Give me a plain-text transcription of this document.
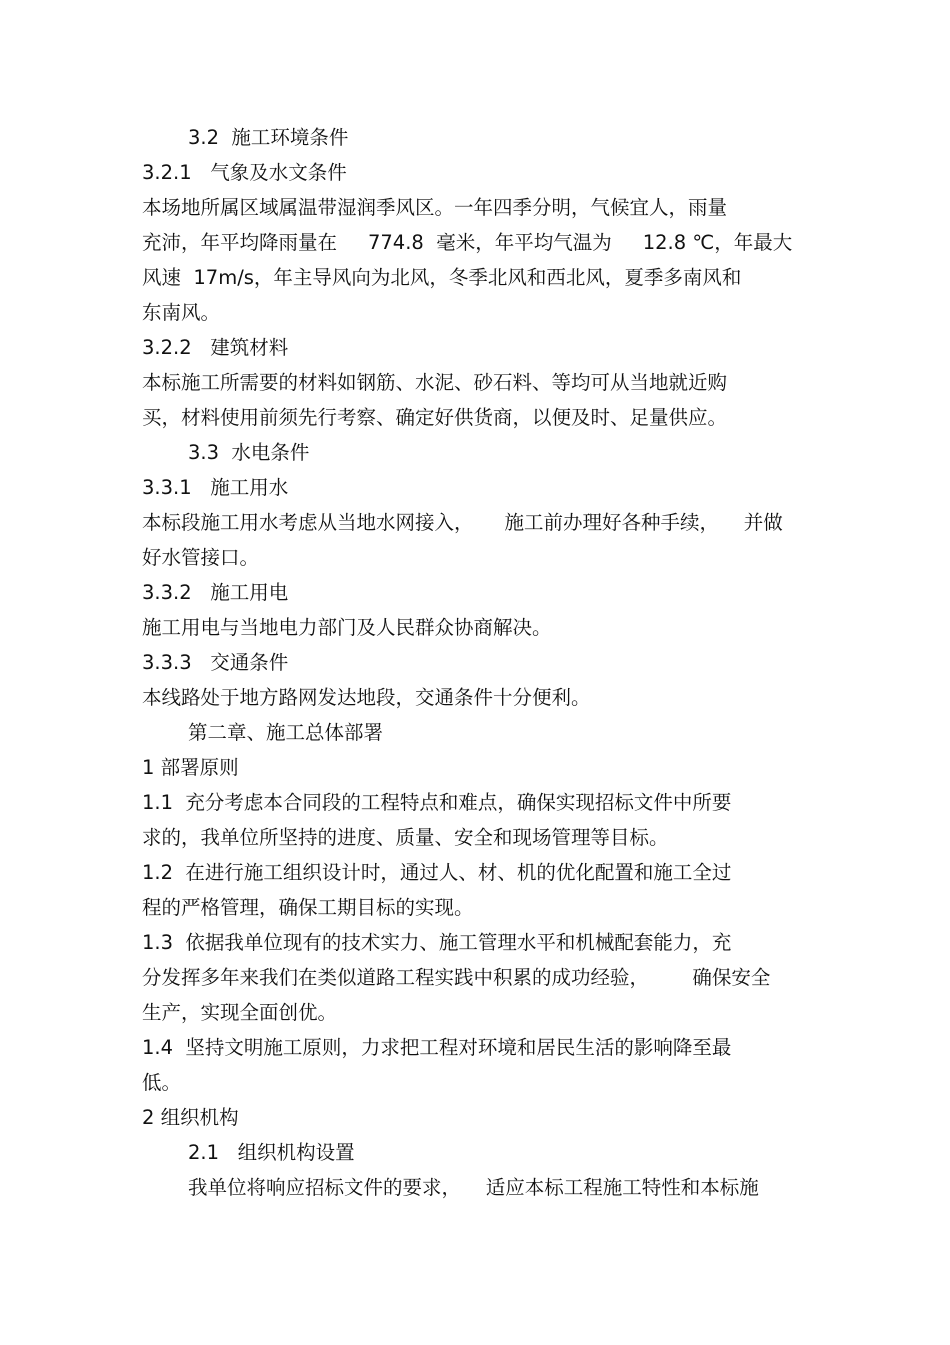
3.2  施工环境条件
3.2.1   气象及水文条件
本场地所属区域属温带湿润季风区。一年四季分明，气候宜人，雨量
充沛，年平均降雨量在     774.8  毫米，年平均气温为     12.8 ℃，年最大
风速  17m/s，年主导风向为北风，冬季北风和西北风，夏季多南风和
东南风。
3.2.2   建筑材料
本标施工所需要的材料如钢筋、水泥、砂石料、等均可从当地就近购
买，材料使用前须先行考察、确定好供货商，以便及时、足量供应。
3.3  水电条件
3.3.1   施工用水
本标段施工用水考虑从当地水网接入，     施工前办理好各种手续，    并做
好水管接口。
3.3.2   施工用电
施工用电与当地电力部门及人民群众协商解决。
3.3.3   交通条件
本线路处于地方路网发达地段，交通条件十分便利。
第二章、施工总体部署
1 部署原则
1.1  充分考虑本合同段的工程特点和难点，确保实现招标文件中所要
求的，我单位所坚持的进度、质量、安全和现场管理等目标。
1.2  在进行施工组织设计时，通过人、材、机的优化配置和施工全过
程的严格管理，确保工期目标的实现。
1.3  依据我单位现有的技术实力、施工管理水平和机械配套能力，充
分发挥多年来我们在类似道路工程实践中积累的成功经验，       确保安全
生产，实现全面创优。
1.4  坚持文明施工原则，力求把工程对环境和居民生活的影响降至最
低。
2 组织机构
2.1   组织机构设置
我单位将响应招标文件的要求，    适应本标工程施工特性和本标施
